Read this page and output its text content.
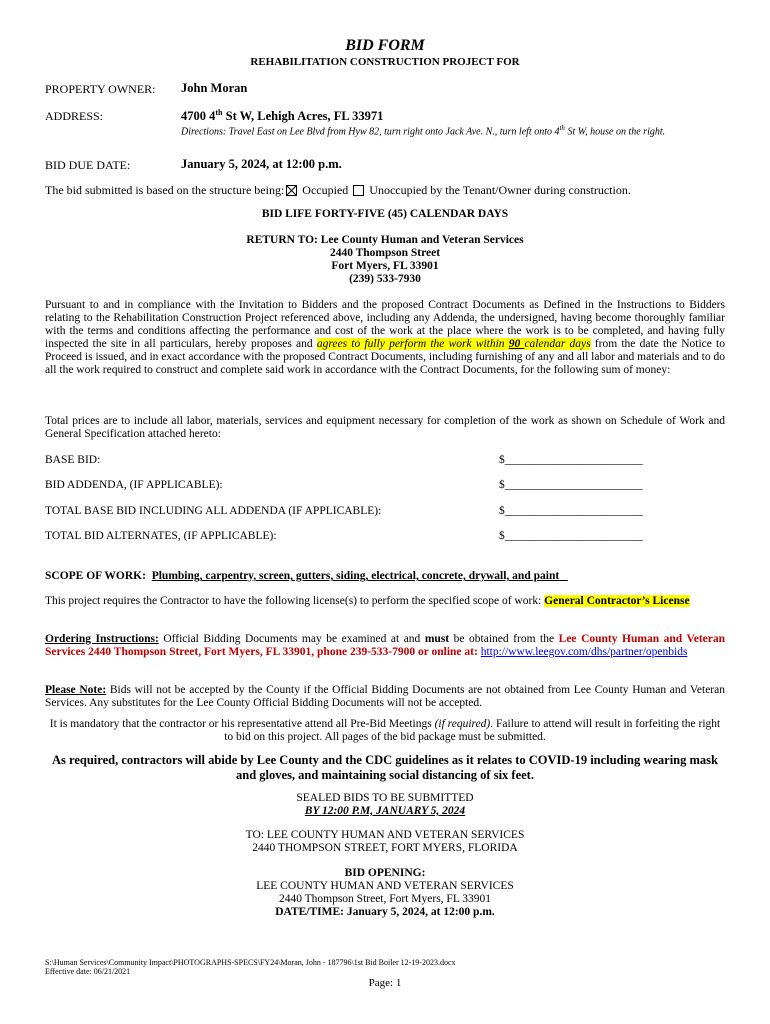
BID FORM
REHABILITATION CONSTRUCTION PROJECT FOR
PROPERTY OWNER: John Moran
ADDRESS:	4700 4th St W, Lehigh Acres, FL 33971
Directions: Travel East on Lee Blvd from Hyw 82, turn right onto Jack Ave. N., turn left onto 4th St W, house on the right.
BID DUE DATE:	January 5, 2024, at 12:00 p.m.
The bid submitted is based on the structure being: Occupied Unoccupied by the Tenant/Owner during construction.
BID LIFE FORTY-FIVE (45) CALENDAR DAYS
RETURN TO: Lee County Human and Veteran Services
2440 Thompson Street
Fort Myers, FL 33901
(239) 533-7930
Pursuant to and in compliance with the Invitation to Bidders and the proposed Contract Documents as Defined in the Instructions to Bidders relating to the Rehabilitation Construction Project referenced above, including any Addenda, the undersigned, having become thoroughly familiar with the terms and conditions affecting the performance and cost of the work at the place where the work is to be completed, and having fully inspected the site in all particulars, hereby proposes and agrees to fully perform the work within 90 calendar days from the date the Notice to Proceed is issued, and in exact accordance with the proposed Contract Documents, including furnishing of any and all labor and materials and to do all the work required to construct and complete said work in accordance with the Contract Documents, for the following sum of money:
Total prices are to include all labor, materials, services and equipment necessary for completion of the work as shown on Schedule of Work and General Specification attached hereto:
BASE BID:	$________________________
BID ADDENDA, (IF APPLICABLE):	$________________________
TOTAL BASE BID INCLUDING ALL ADDENDA (IF APPLICABLE):	$________________________
TOTAL BID ALTERNATES, (IF APPLICABLE):	$________________________
SCOPE OF WORK: Plumbing, carpentry, screen, gutters, siding, electrical, concrete, drywall, and paint
This project requires the Contractor to have the following license(s) to perform the specified scope of work: General Contractor’s License
Ordering Instructions: Official Bidding Documents may be examined at and must be obtained from the Lee County Human and Veteran Services 2440 Thompson Street, Fort Myers, FL 33901, phone 239-533-7900 or online at: http://www.leegov.com/dhs/partner/openbids
Please Note: Bids will not be accepted by the County if the Official Bidding Documents are not obtained from Lee County Human and Veteran Services. Any substitutes for the Lee County Official Bidding Documents will not be accepted.
It is mandatory that the contractor or his representative attend all Pre-Bid Meetings (if required). Failure to attend will result in forfeiting the right to bid on this project. All pages of the bid package must be submitted.
As required, contractors will abide by Lee County and the CDC guidelines as it relates to COVID-19 including wearing mask and gloves, and maintaining social distancing of six feet.
SEALED BIDS TO BE SUBMITTED
BY 12:00 P.M, JANUARY 5, 2024
TO: LEE COUNTY HUMAN AND VETERAN SERVICES
2440 THOMPSON STREET, FORT MYERS, FLORIDA
BID OPENING:
LEE COUNTY HUMAN AND VETERAN SERVICES
2440 Thompson Street, Fort Myers, FL 33901
DATE/TIME: January 5, 2024, at 12:00 p.m.
S:\Human Services\Community Impact\PHOTOGRAPHS-SPECS\FY24\Moran, John - 187796\1st Bid Boiler 12-19-2023.docx
Effective date: 06/21/2021
Page: 1
